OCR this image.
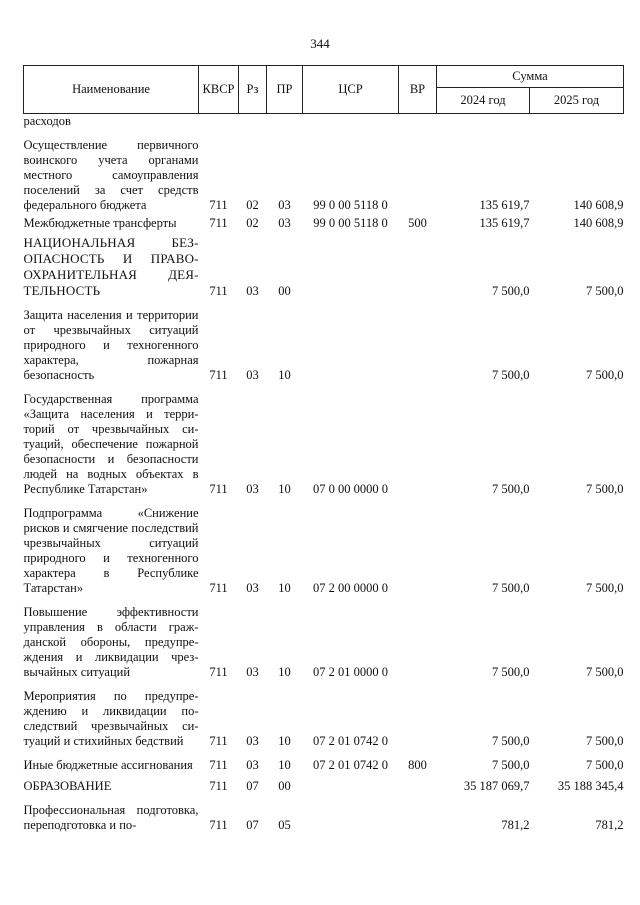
344
Наименование	КВСР	Рз	ПР	ЦСР	ВР	Сумма	
						2024 год	2025 год
расходов							

Осуществление первичного воинского учета органами местного самоуправления поселений за счет средств федерального бюджета	711	02	03	99 0 00 5118 0		135 619,7	140 608,9

Межбюджетные трансферты	711	02	03	99 0 00 5118 0	500	135 619,7	140 608,9

НАЦИОНАЛЬНАЯ БЕЗОПАСНОСТЬ И ПРАВООХРАНИТЕЛЬНАЯ ДЕЯТЕЛЬНОСТЬ	711	03	00			7 500,0	7 500,0

Защита населения и территории от чрезвычайных ситуаций природного и техногенного характера, пожарная безопасность	711	03	10			7 500,0	7 500,0

Государственная программа «Защита населения и территорий от чрезвычайных ситуаций, обеспечение пожарной безопасности и безопасности людей на водных объектах в Республике Татарстан»	711	03	10	07 0 00 0000 0		7 500,0	7 500,0

Подпрограмма «Снижение рисков и смягчение последствий чрезвычайных ситуаций природного и техногенного характера в Республике Татарстан»	711	03	10	07 2 00 0000 0		7 500,0	7 500,0

Повышение эффективности управления в области гражданской обороны, предупреждения и ликвидации чрезвычайных ситуаций	711	03	10	07 2 01 0000 0		7 500,0	7 500,0

Мероприятия по предупреждению и ликвидации последствий чрезвычайных ситуаций и стихийных бедствий	711	03	10	07 2 01 0742 0		7 500,0	7 500,0

Иные бюджетные ассигнования	711	03	10	07 2 01 0742 0	800	7 500,0	7 500,0

ОБРАЗОВАНИЕ	711	07	00			35 187 069,7	35 188 345,4

Профессиональная подготовка, переподготовка и по-	711	07	05			781,2	781,2
